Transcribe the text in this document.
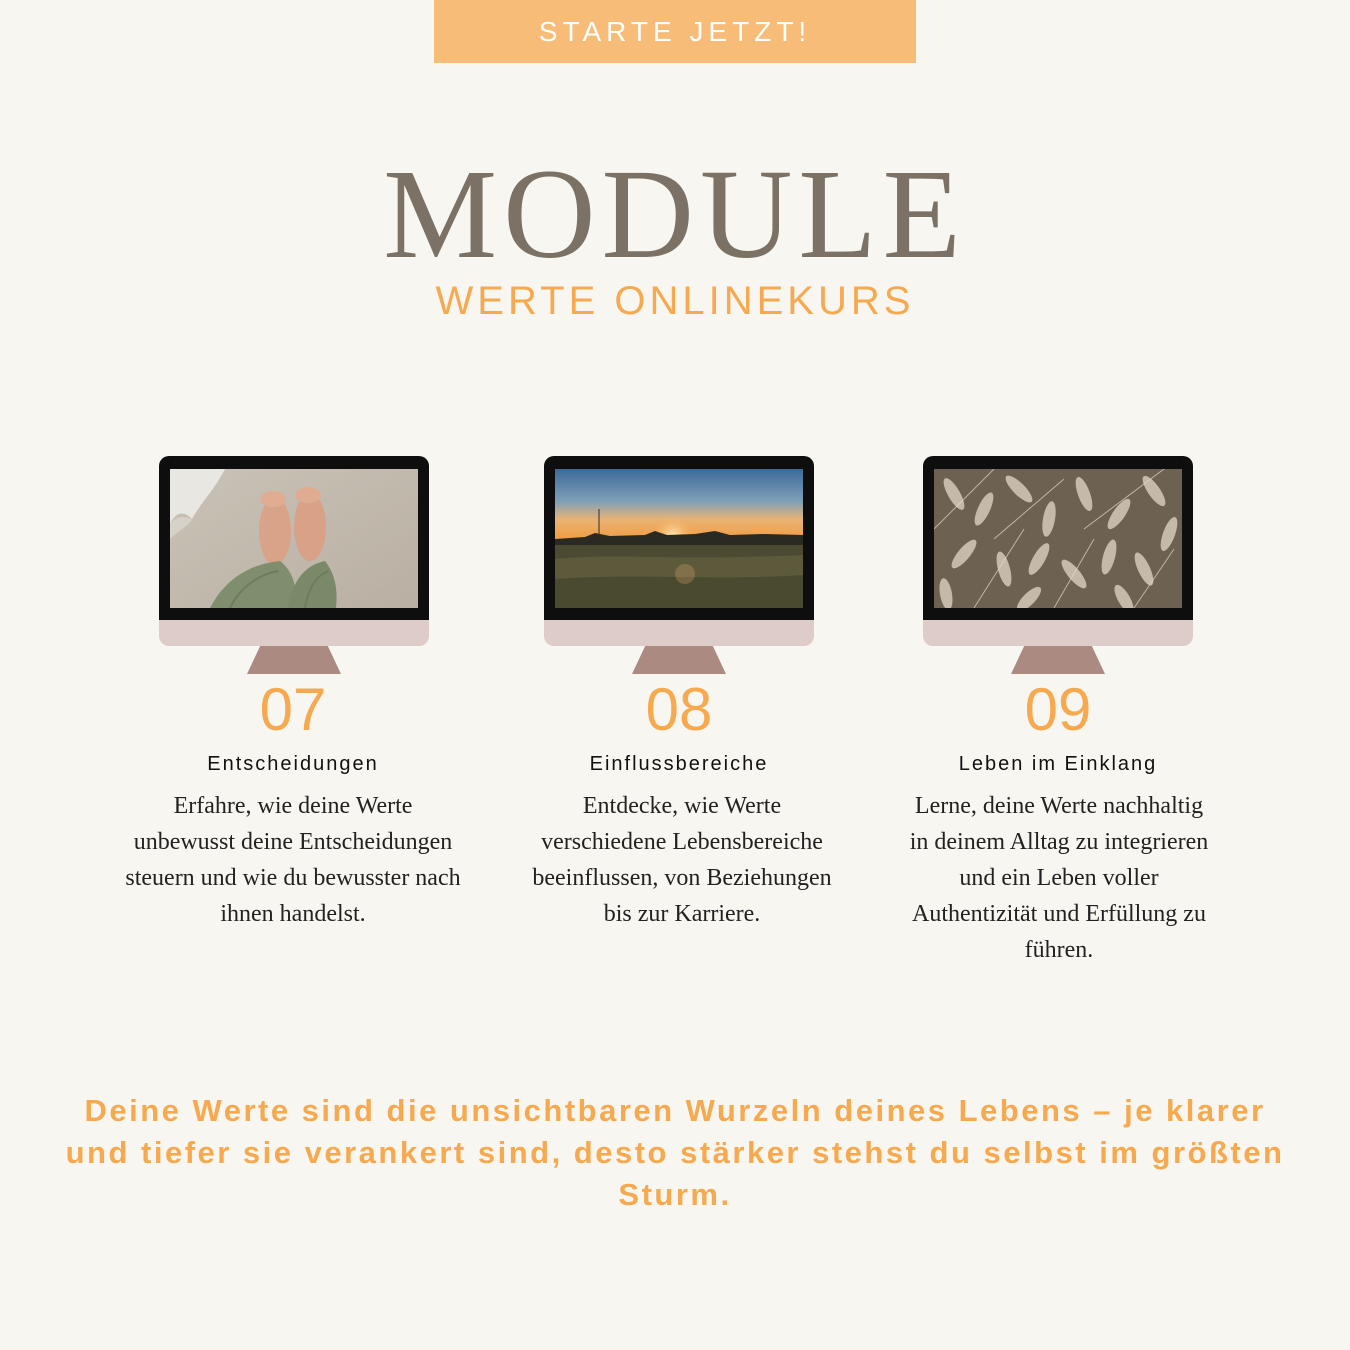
STARTE JETZT!
MODULE
WERTE ONLINEKURS
07
Entscheidungen
Erfahre, wie deine Werte unbewusst deine Entscheidungen steuern und wie du bewusster nach ihnen handelst.
08
Einflussbereiche
Entdecke, wie Werte verschiedene Lebensbereiche beeinflussen, von Beziehungen bis zur Karriere.
09
Leben im Einklang
Lerne, deine Werte nachhaltig in deinem Alltag zu integrieren und ein Leben voller Authentizität und Erfüllung zu führen.
Deine Werte sind die unsichtbaren Wurzeln deines Lebens – je klarer und tiefer sie verankert sind, desto stärker stehst du selbst im größten Sturm.
